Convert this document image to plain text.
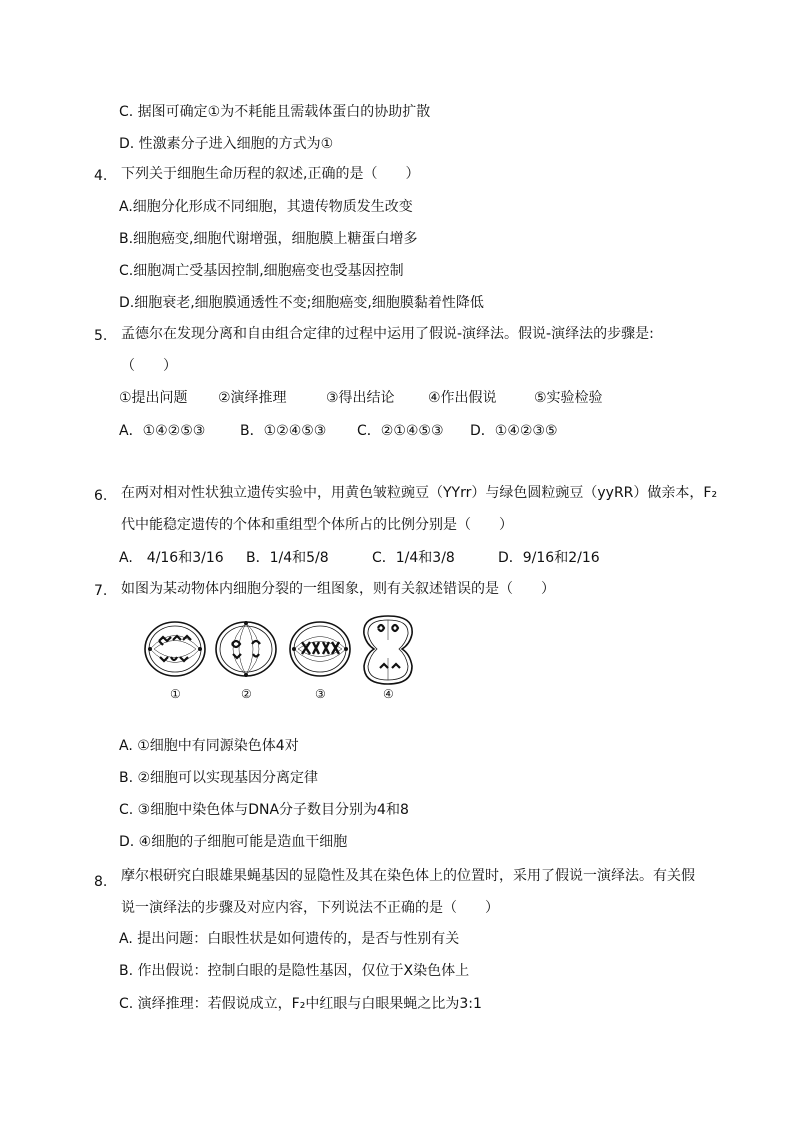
C. 据图可确定①为不耗能且需载体蛋白的协助扩散
D. 性激素分子进入细胞的方式为①
4. 下列关于细胞生命历程的叙述,正确的是（　　）
A.细胞分化形成不同细胞，其遗传物质发生改变
B.细胞癌变,细胞代谢增强，细胞膜上糖蛋白增多
C.细胞凋亡受基因控制,细胞癌变也受基因控制
D.细胞衰老,细胞膜通透性不变;细胞癌变,细胞膜黏着性降低
5. 孟德尔在发现分离和自由组合定律的过程中运用了假说-演绎法。假说-演绎法的步骤是:
（　　）
①提出问题 ②演绎推理	③得出结论 ④作出假说	⑤实验检验
A．①④②⑤③ B．①②④⑤③ C．②①④⑤③ D．①④②③⑤
6. 在两对相对性状独立遗传实验中，用黄色皱粒豌豆（YYrr）与绿色圆粒豌豆（yyRR）做亲本，F₂
代中能稳定遗传的个体和重组型个体所占的比例分别是（　　）
A.　4/16和3/16 B．1/4和5/8	C．1/4和3/8	D．9/16和2/16
7. 如图为某动物体内细胞分裂的一组图象，则有关叙述错误的是（　　）
①	②	③	④
A. ①细胞中有同源染色体4对
B. ②细胞可以实现基因分离定律
C. ③细胞中染色体与DNA分子数目分别为4和8
D. ④细胞的子细胞可能是造血干细胞
8. 摩尔根研究白眼雄果蝇基因的显隐性及其在染色体上的位置时，采用了假说一演绎法。有关假
说一演绎法的步骤及对应内容，下列说法不正确的是（　　）
A. 提出问题：白眼性状是如何遗传的，是否与性别有关
B. 作出假说：控制白眼的是隐性基因，仅位于X染色体上
C. 演绎推理：若假说成立，F₂中红眼与白眼果蝇之比为3:1
